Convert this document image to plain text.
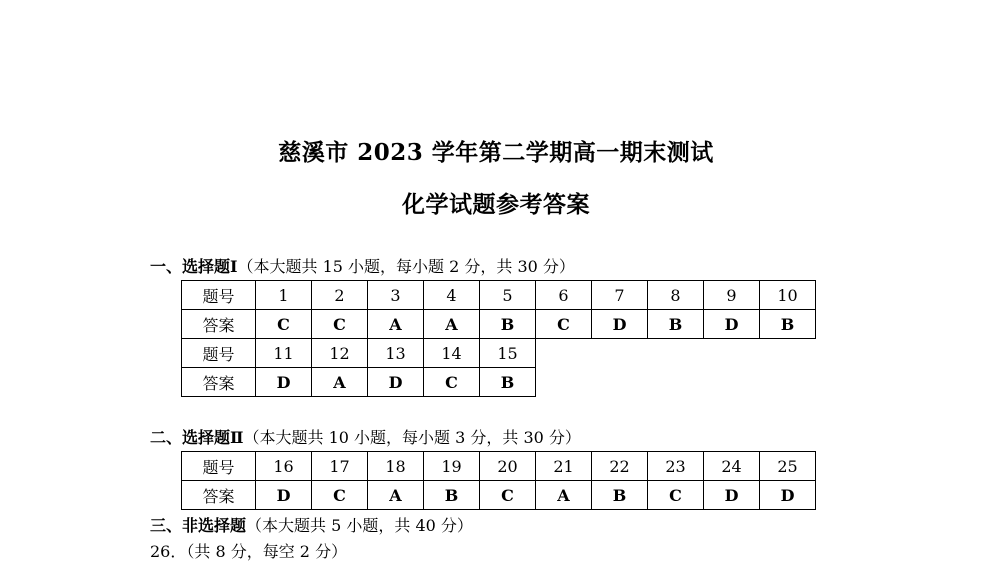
慈溪市 2023 学年第二学期高一期末测试
化学试题参考答案
一、选择题Ⅰ（本大题共 15 小题，每小题 2 分，共 30 分）
题号	1	2	3	4	5	6	7	8	9	10
答案	C	C	A	A	B	C	D	B	D	B
题号	11	12	13	14	15					
答案	D	A	D	C	B					
二、选择题Ⅱ（本大题共 10 小题，每小题 3 分，共 30 分）
题号	16	17	18	19	20	21	22	23	24	25
答案	D	C	A	B	C	A	B	C	D	D
三、非选择题（本大题共 5 小题，共 40 分）
26．（共 8 分，每空 2 分）
